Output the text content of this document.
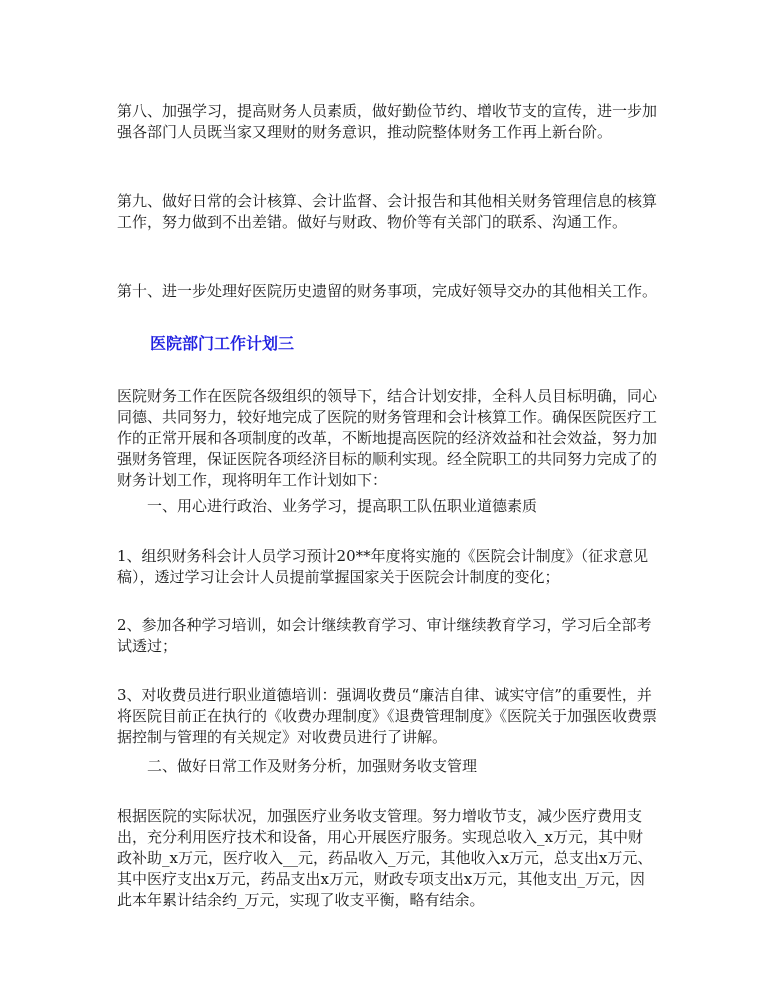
第八、加强学习，提高财务人员素质，做好勤俭节约、增收节支的宣传，进一步加强各部门人员既当家又理财的财务意识，推动院整体财务工作再上新台阶。

第九、做好日常的会计核算、会计监督、会计报告和其他相关财务管理信息的核算工作，努力做到不出差错。做好与财政、物价等有关部门的联系、沟通工作。

第十、进一步处理好医院历史遗留的财务事项，完成好领导交办的其他相关工作。

医院部门工作计划三

医院财务工作在医院各级组织的领导下，结合计划安排，全科人员目标明确，同心同德、共同努力，较好地完成了医院的财务管理和会计核算工作。确保医院医疗工作的正常开展和各项制度的改革，不断地提高医院的经济效益和社会效益，努力加强财务管理，保证医院各项经济目标的顺利实现。经全院职工的共同努力完成了的财务计划工作，现将明年工作计划如下：

一、用心进行政治、业务学习，提高职工队伍职业道德素质

1、组织财务科会计人员学习预计20**年度将实施的《医院会计制度》（征求意见稿），透过学习让会计人员提前掌握国家关于医院会计制度的变化；

2、参加各种学习培训，如会计继续教育学习、审计继续教育学习，学习后全部考试透过；

3、对收费员进行职业道德培训：强调收费员“廉洁自律、诚实守信”的重要性，并将医院目前正在执行的《收费办理制度》《退费管理制度》《医院关于加强医收费票据控制与管理的有关规定》对收费员进行了讲解。

二、做好日常工作及财务分析，加强财务收支管理

根据医院的实际状况，加强医疗业务收支管理。努力增收节支，减少医疗费用支出，充分利用医疗技术和设备，用心开展医疗服务。实现总收入_x万元，其中财政补助_x万元，医疗收入__元，药品收入_万元，其他收入x万元，总支出x万元、其中医疗支出x万元，药品支出x万元，财政专项支出x万元，其他支出_万元，因此本年累计结余约_万元，实现了收支平衡，略有结余。
